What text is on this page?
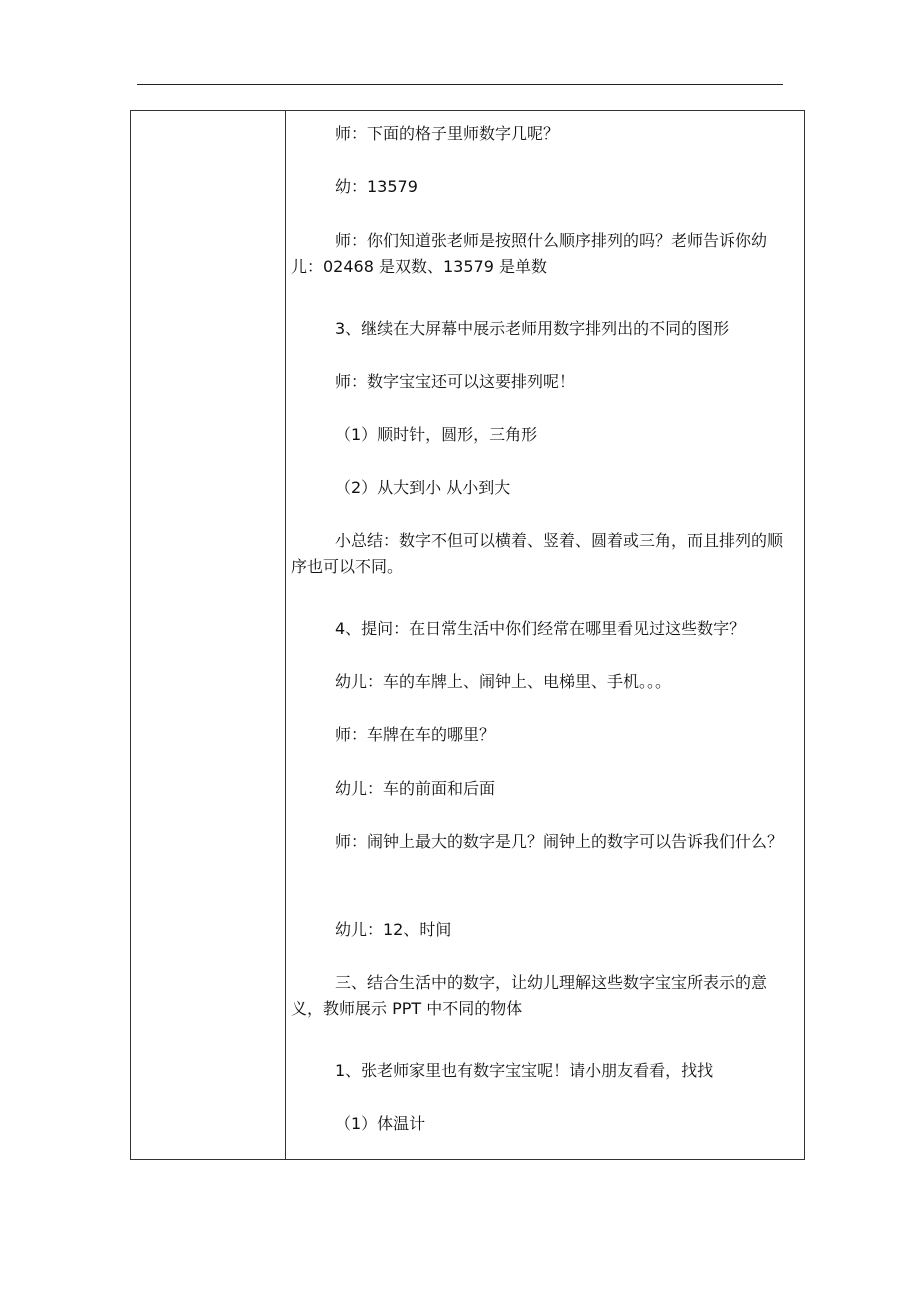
师：下面的格子里师数字几呢？

幼：13579

师：你们知道张老师是按照什么顺序排列的吗？老师告诉你幼儿：02468 是双数、13579 是单数

3、继续在大屏幕中展示老师用数字排列出的不同的图形

师：数字宝宝还可以这要排列呢！

（1）顺时针，圆形，三角形

（2）从大到小 从小到大

小总结：数字不但可以横着、竖着、圆着或三角，而且排列的顺序也可以不同。

4、提问：在日常生活中你们经常在哪里看见过这些数字？

幼儿：车的车牌上、闹钟上、电梯里、手机。。。

师：车牌在车的哪里？

幼儿：车的前面和后面

师：闹钟上最大的数字是几？闹钟上的数字可以告诉我们什么？

幼儿：12、时间

三、结合生活中的数字，让幼儿理解这些数字宝宝所表示的意义，教师展示 PPT 中不同的物体

1、张老师家里也有数字宝宝呢！请小朋友看看，找找

（1）体温计
